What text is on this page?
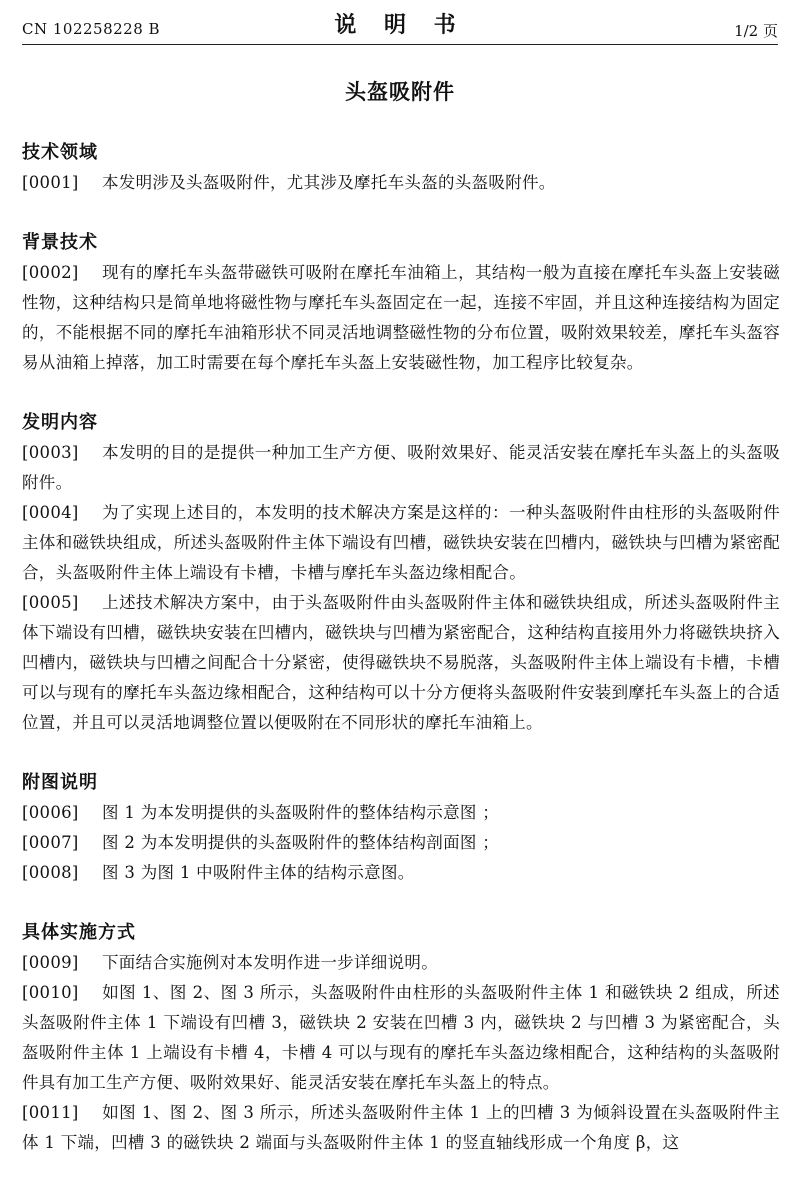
CN 102258228 B	说 明 书	1/2 页
头盔吸附件
技术领域
[0001] 本发明涉及头盔吸附件，尤其涉及摩托车头盔的头盔吸附件。
背景技术
[0002] 现有的摩托车头盔带磁铁可吸附在摩托车油箱上，其结构一般为直接在摩托车头盔上安装磁性物，这种结构只是简单地将磁性物与摩托车头盔固定在一起，连接不牢固，并且这种连接结构为固定的，不能根据不同的摩托车油箱形状不同灵活地调整磁性物的分布位置，吸附效果较差，摩托车头盔容易从油箱上掉落，加工时需要在每个摩托车头盔上安装磁性物，加工程序比较复杂。
发明内容
[0003] 本发明的目的是提供一种加工生产方便、吸附效果好、能灵活安装在摩托车头盔上的头盔吸附件。
[0004] 为了实现上述目的，本发明的技术解决方案是这样的：一种头盔吸附件由柱形的头盔吸附件主体和磁铁块组成，所述头盔吸附件主体下端设有凹槽，磁铁块安装在凹槽内，磁铁块与凹槽为紧密配合，头盔吸附件主体上端设有卡槽，卡槽与摩托车头盔边缘相配合。
[0005] 上述技术解决方案中，由于头盔吸附件由头盔吸附件主体和磁铁块组成，所述头盔吸附件主体下端设有凹槽，磁铁块安装在凹槽内，磁铁块与凹槽为紧密配合，这种结构直接用外力将磁铁块挤入凹槽内，磁铁块与凹槽之间配合十分紧密，使得磁铁块不易脱落，头盔吸附件主体上端设有卡槽，卡槽可以与现有的摩托车头盔边缘相配合，这种结构可以十分方便将头盔吸附件安装到摩托车头盔上的合适位置，并且可以灵活地调整位置以便吸附在不同形状的摩托车油箱上。
附图说明
[0006] 图 1 为本发明提供的头盔吸附件的整体结构示意图 ；
[0007] 图 2 为本发明提供的头盔吸附件的整体结构剖面图 ；
[0008] 图 3 为图 1 中吸附件主体的结构示意图。
具体实施方式
[0009] 下面结合实施例对本发明作进一步详细说明。
[0010] 如图 1、图 2、图 3 所示，头盔吸附件由柱形的头盔吸附件主体 1 和磁铁块 2 组成，所述头盔吸附件主体 1 下端设有凹槽 3，磁铁块 2 安装在凹槽 3 内，磁铁块 2 与凹槽 3 为紧密配合，头盔吸附件主体 1 上端设有卡槽 4，卡槽 4 可以与现有的摩托车头盔边缘相配合，这种结构的头盔吸附件具有加工生产方便、吸附效果好、能灵活安装在摩托车头盔上的特点。
[0011] 如图 1、图 2、图 3 所示，所述头盔吸附件主体 1 上的凹槽 3 为倾斜设置在头盔吸附件主体 1 下端，凹槽 3 的磁铁块 2 端面与头盔吸附件主体 1 的竖直轴线形成一个角度 β，这
